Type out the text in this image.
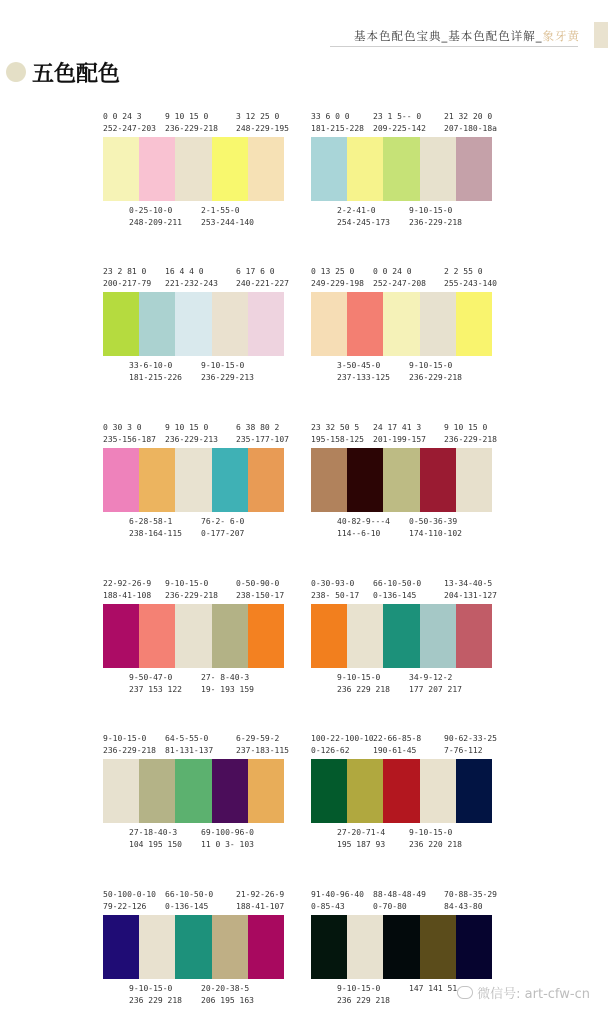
基本色配色宝典_基本色配色详解_象牙黄
五色配色
0 0 24 3
252-247-203
9 10 15 0
236-229-218
3 12 25 0
248-229-195
0-25-10-0
248-209-211
2-1-55-0
253-244-140
33 6 0 0
181-215-228
23 1 5-- 0
209-225-142
21 32 20 0
207-180-18a
2-2-41-0
254-245-173
9-10-15-0
236-229-218
23 2 81 0
200-217-79
16 4 4 0
221-232-243
6 17 6 0
240-221-227
33-6-10-0
181-215-226
9-10-15-0
236-229-213
0 13 25 0
249-229-198
0 0 24 0
252-247-208
2 2 55 0
255-243-140
3-50-45-0
237-133-125
9-10-15-0
236-229-218
0 30 3 0
235-156-187
9 10 15 0
236-229-213
6 38 80 2
235-177-107
6-28-58-1
238-164-115
76-2- 6-0
0-177-207
23 32 50 5
195-158-125
24 17 41 3
201-199-157
9 10 15 0
236-229-218
40-82-9---4
114--6-10
0-50-36-39
174-110-102
22-92-26-9
188-41-108
9-10-15-0
236-229-218
0-50-90-0
238-150-17
9-50-47-0
237 153 122
27- 8-40-3
19- 193 159
0-30-93-0
238- 50-17
66-10-50-0
0-136-145
13-34-40-5
204-131-127
9-10-15-0
236 229 218
34-9-12-2
177 207 217
9-10-15-0
236-229-218
64-5-55-0
81-131-137
6-29-59-2
237-183-115
27-18-40-3
104 195 150
69-100-96-0
11 0 3- 103
100-22-100-10
0-126-62
22-66-85-8
190-61-45
90-62-33-25
7-76-112
27-20-71-4
195 187 93
9-10-15-0
236 220 218
50-100-0-10
79-22-126
66-10-50-0
0-136-145
21-92-26-9
188-41-107
9-10-15-0
236 229 218
20-20-38-5
206 195 163
91-40-96-40
0-85-43
88-48-48-49
0-70-80
70-88-35-29
84-43-80
9-10-15-0
236 229 218
147 141 51 微信号: art-cfw-cn
